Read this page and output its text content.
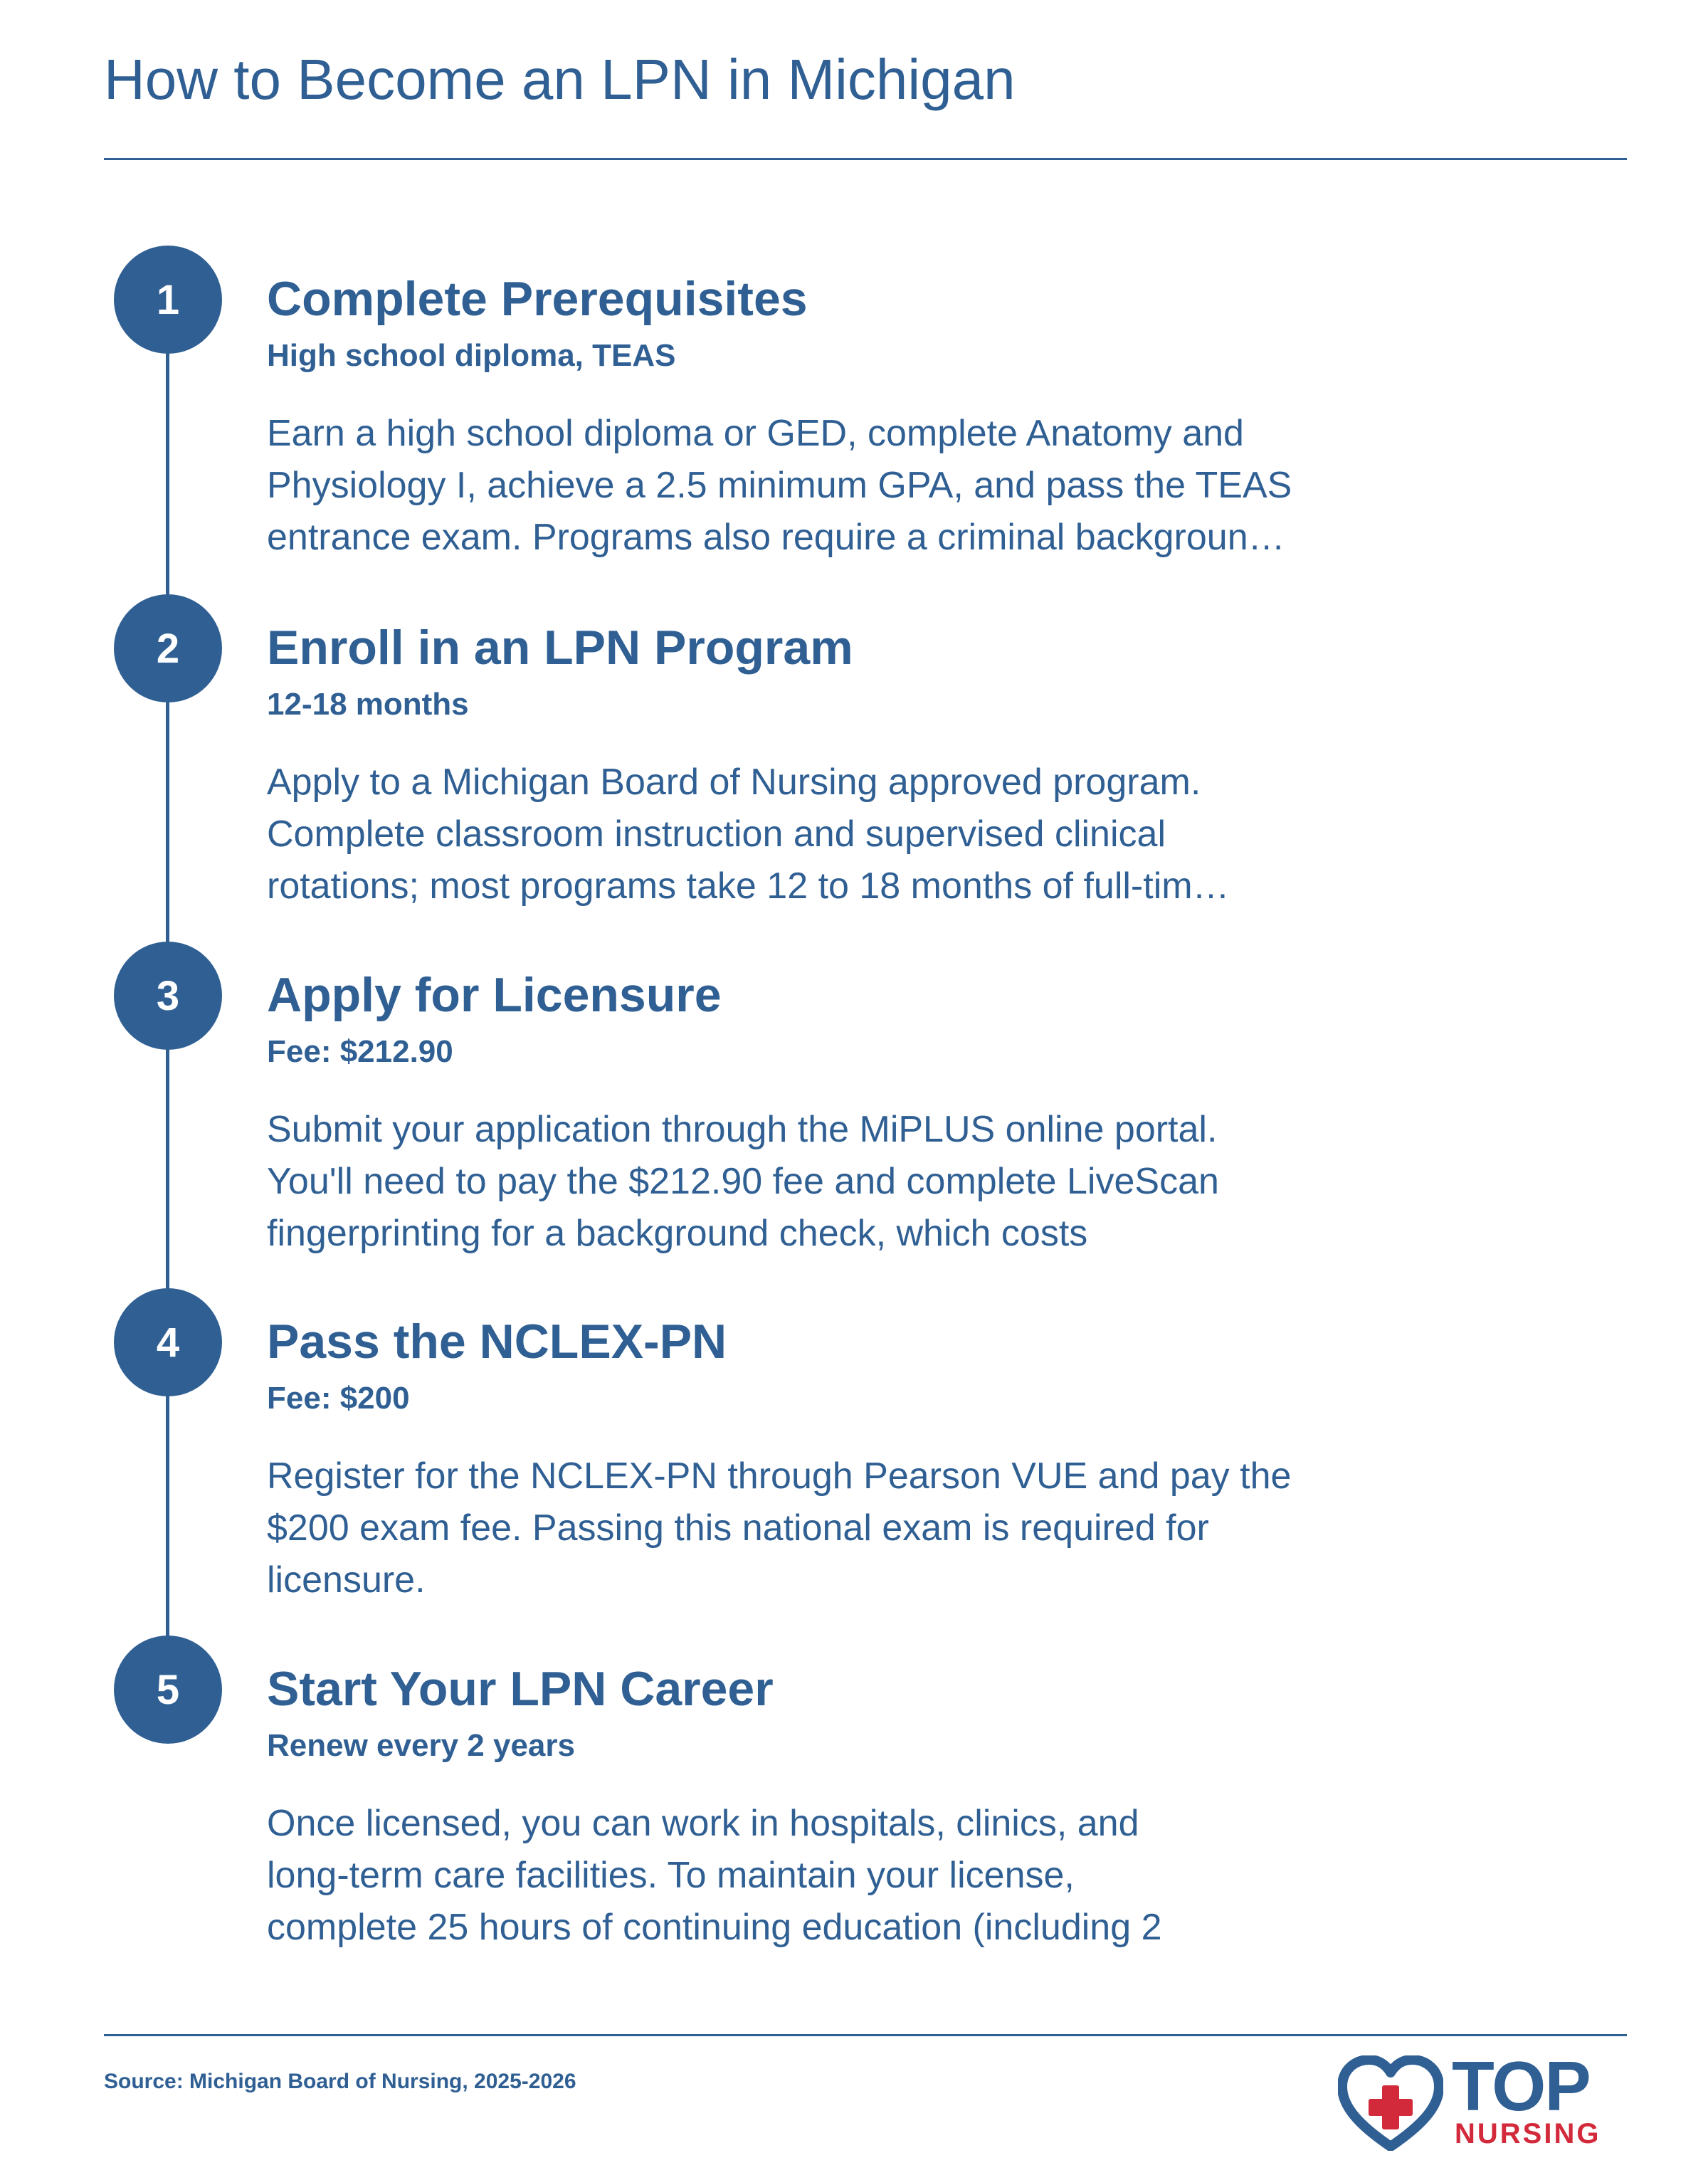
How to Become an LPN in Michigan
1	Complete Prerequisites
High school diploma, TEAS
Earn a high school diploma or GED, complete Anatomy and
Physiology I, achieve a 2.5 minimum GPA, and pass the TEAS
entrance exam. Programs also require a criminal backgroun…
2	Enroll in an LPN Program
12-18 months
Apply to a Michigan Board of Nursing approved program.
Complete classroom instruction and supervised clinical
rotations; most programs take 12 to 18 months of full-tim…
3	Apply for Licensure
Fee: $212.90
Submit your application through the MiPLUS online portal.
You'll need to pay the $212.90 fee and complete LiveScan
fingerprinting for a background check, which costs
4	Pass the NCLEX-PN
Fee: $200
Register for the NCLEX-PN through Pearson VUE and pay the
$200 exam fee. Passing this national exam is required for
licensure.
5	Start Your LPN Career
Renew every 2 years
Once licensed, you can work in hospitals, clinics, and
long-term care facilities. To maintain your license,
complete 25 hours of continuing education (including 2
Source: Michigan Board of Nursing, 2025-2026	TOP
NURSING
